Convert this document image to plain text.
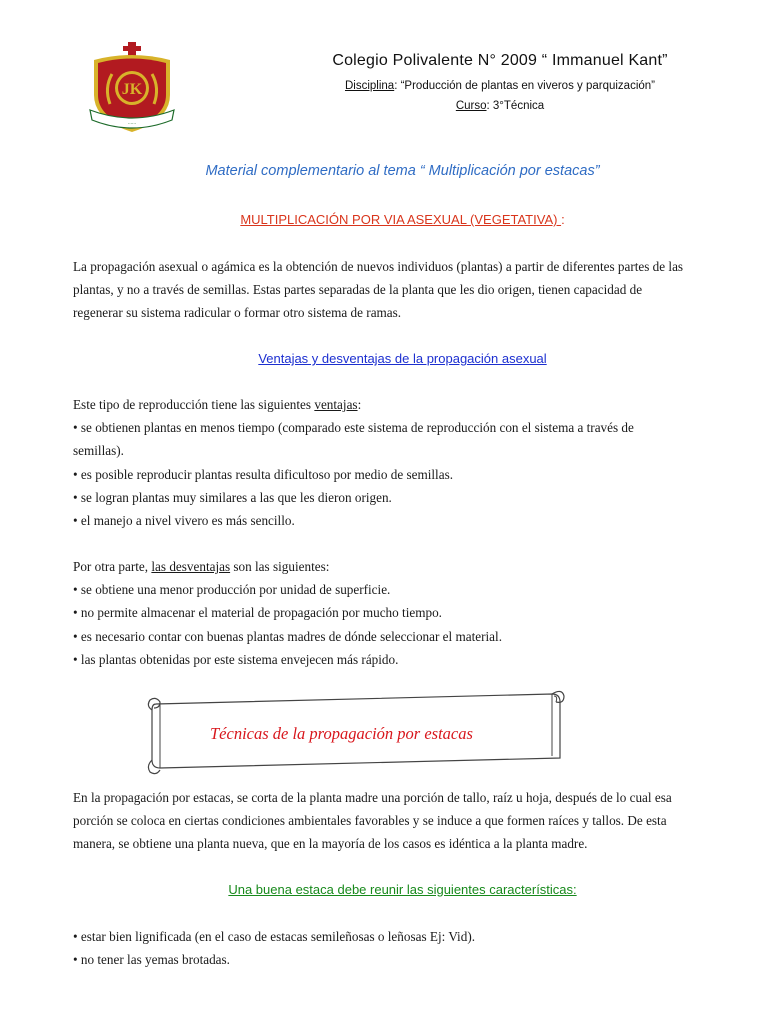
JK
......
Colegio Polivalente N° 2009 “ Immanuel Kant”
Disciplina: “Producción de plantas en viveros y parquización”
Curso: 3°Técnica
Material complementario al tema “ Multiplicación por estacas”
MULTIPLICACIÓN POR VIA ASEXUAL (VEGETATIVA) :
La propagación asexual o agámica es la obtención de nuevos individuos (plantas) a partir de diferentes partes de las
plantas, y no a través de semillas. Estas partes separadas de la planta que les dio origen, tienen capacidad de
regenerar su sistema radicular o formar otro sistema de ramas.
Ventajas y desventajas de la propagación asexual
Este tipo de reproducción tiene las siguientes ventajas:
• se obtienen plantas en menos tiempo (comparado este sistema de reproducción con el sistema a través de
semillas).
• es posible reproducir plantas resulta dificultoso por medio de semillas.
• se logran plantas muy similares a las que les dieron origen.
• el manejo a nivel vivero es más sencillo.
Por otra parte, las desventajas son las siguientes:
• se obtiene una menor producción por unidad de superficie.
• no permite almacenar el material de propagación por mucho tiempo.
• es necesario contar con buenas plantas madres de dónde seleccionar el material.
• las plantas obtenidas por este sistema envejecen más rápido.
Técnicas de la propagación por estacas
En la propagación por estacas, se corta de la planta madre una porción de tallo, raíz u hoja, después de lo cual esa
porción se coloca en ciertas condiciones ambientales favorables y se induce a que formen raíces y tallos. De esta
manera, se obtiene una planta nueva, que en la mayoría de los casos es idéntica a la planta madre.
Una buena estaca debe reunir las siguientes características:
• estar bien lignificada (en el caso de estacas semileñosas o leñosas Ej: Vid).
• no tener las yemas brotadas.
